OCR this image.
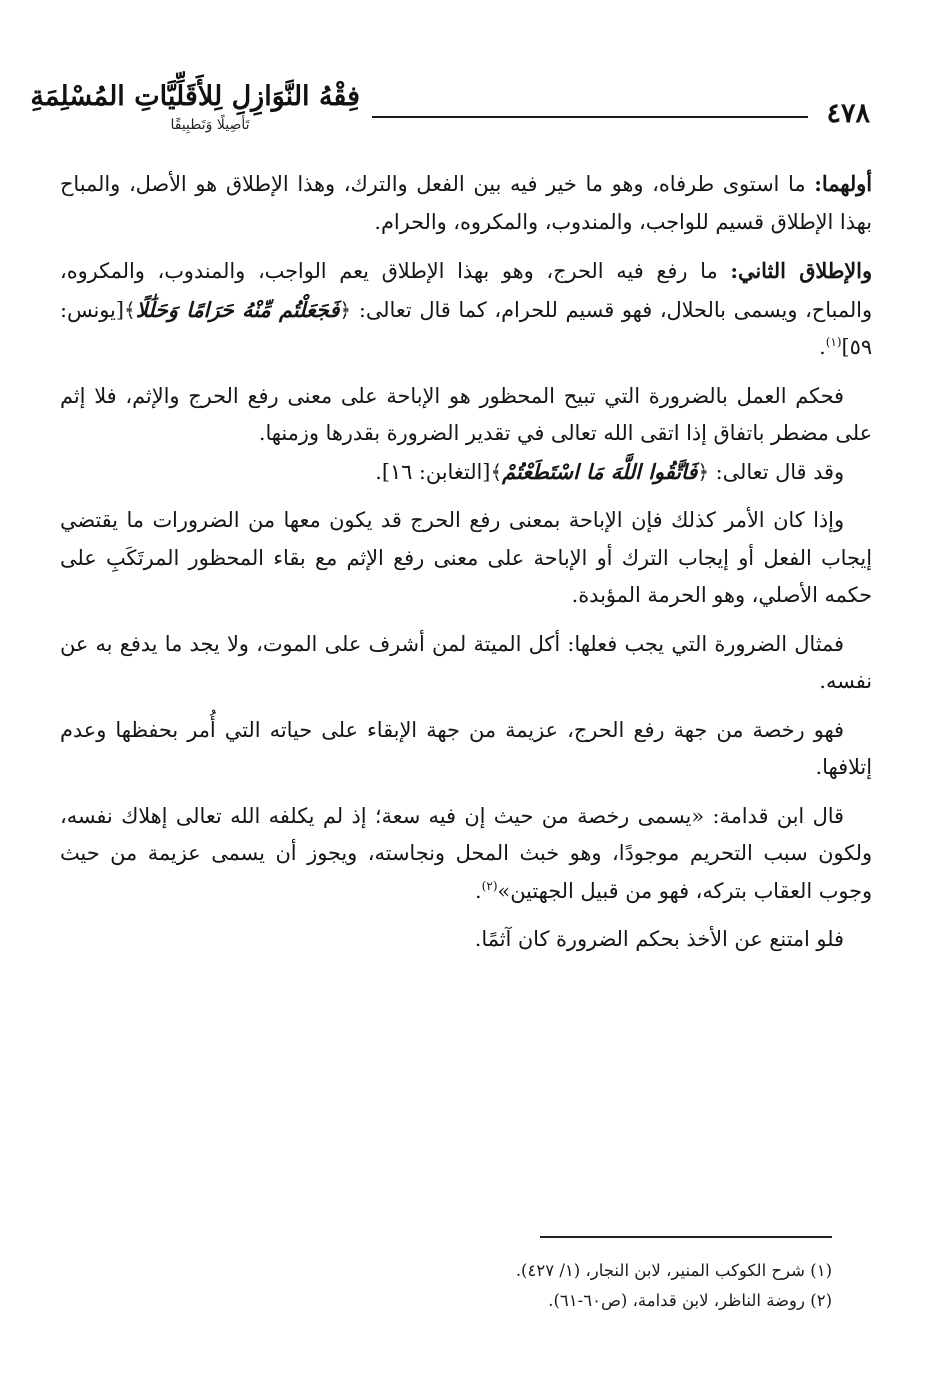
فِقْهُ النَّوَازِلِ لِلأَقَلِّيَّاتِ المُسْلِمَةِ
تَأصِيلًا وَتَطبِيقًا	٤٧٨

أولهما: ما استوى طرفاه، وهو ما خير فيه بين الفعل والترك، وهذا الإطلاق هو الأصل، والمباح بهذا الإطلاق قسيم للواجب، والمندوب، والمكروه، والحرام.

والإطلاق الثاني: ما رفع فيه الحرج، وهو بهذا الإطلاق يعم الواجب، والمندوب، والمكروه، والمباح، ويسمى بالحلال، فهو قسيم للحرام، كما قال تعالى: ﴿فَجَعَلْتُم مِّنْهُ حَرَامًا وَحَلَٰلًا﴾[يونس: ٥٩]$^{(١)}$.

فحكم العمل بالضرورة التي تبيح المحظور هو الإباحة على معنى رفع الحرج والإثم، فلا إثم على مضطر باتفاق إذا اتقى الله تعالى في تقدير الضرورة بقدرها وزمنها.

وقد قال تعالى: ﴿فَاتَّقُوا اللَّهَ مَا اسْتَطَعْتُمْ﴾[التغابن: ١٦].

وإذا كان الأمر كذلك فإن الإباحة بمعنى رفع الحرج قد يكون معها من الضرورات ما يقتضي إيجاب الفعل أو إيجاب الترك أو الإباحة على معنى رفع الإثم مع بقاء المحظور المرتَكَبِ على حكمه الأصلي، وهو الحرمة المؤبدة.

فمثال الضرورة التي يجب فعلها: أكل الميتة لمن أشرف على الموت، ولا يجد ما يدفع به عن نفسه.

فهو رخصة من جهة رفع الحرج، عزيمة من جهة الإبقاء على حياته التي أُمر بحفظها وعدم إتلافها.

قال ابن قدامة: «يسمى رخصة من حيث إن فيه سعة؛ إذ لم يكلفه الله تعالى إهلاك نفسه، ولكون سبب التحريم موجودًا، وهو خبث المحل ونجاسته، ويجوز أن يسمى عزيمة من حيث وجوب العقاب بتركه، فهو من قبيل الجهتين»$^{(٢)}$.

فلو امتنع عن الأخذ بحكم الضرورة كان آثمًا.

(١) شرح الكوكب المنير، لابن النجار، (١/ ٤٢٧).
(٢) روضة الناظر، لابن قدامة، (ص٦٠-٦١).
